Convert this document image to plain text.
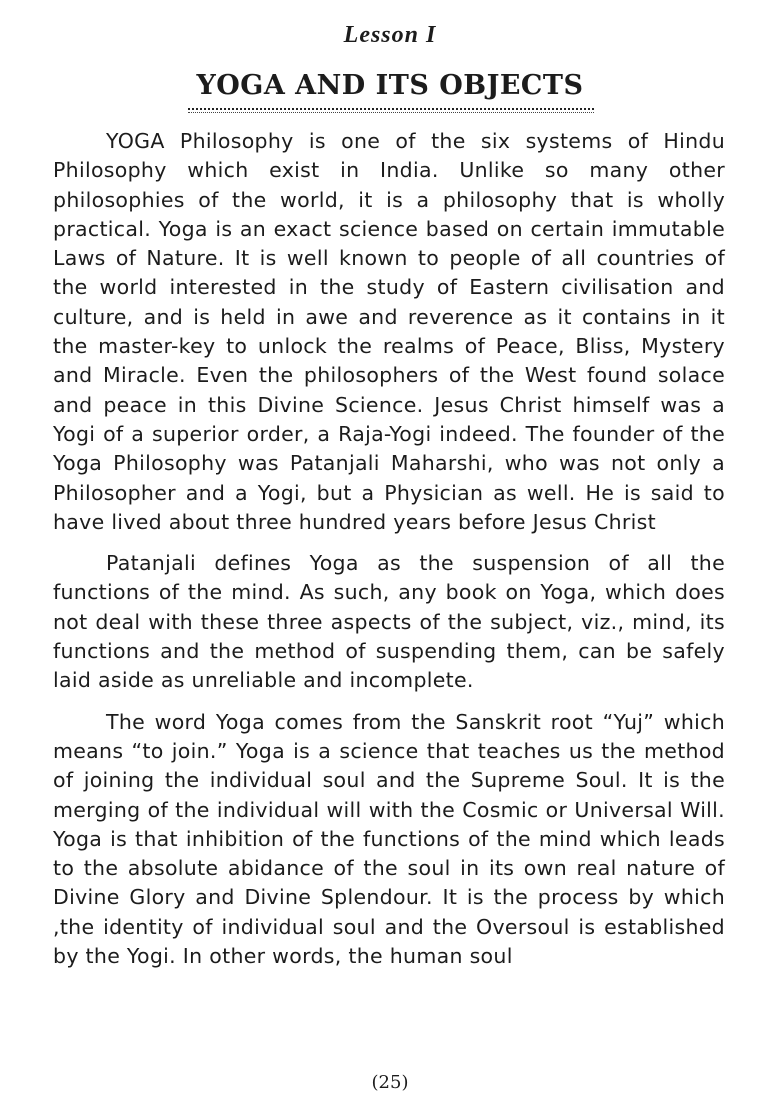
Lesson I
YOGA AND ITS OBJECTS

YOGA Philosophy is one of the six systems of Hindu Philosophy which exist in India. Unlike so many other philosophies of the world, it is a philosophy that is wholly practical. Yoga is an exact science based on certain immutable Laws of Nature. It is well known to people of all countries of the world interested in the study of Eastern civilisation and culture, and is held in awe and reverence as it contains in it the master-key to unlock the realms of Peace, Bliss, Mystery and Miracle. Even the philosophers of the West found solace and peace in this Divine Science. Jesus Christ himself was a Yogi of a superior order, a Raja-Yogi indeed. The founder of the Yoga Philosophy was Patanjali Maharshi, who was not only a Philosopher and a Yogi, but a Physician as well. He is said to have lived about three hundred years before Jesus Christ

Patanjali defines Yoga as the suspension of all the functions of the mind. As such, any book on Yoga, which does not deal with these three aspects of the subject, viz., mind, its functions and the method of suspending them, can be safely laid aside as unreliable and incomplete.

The word Yoga comes from the Sanskrit root “Yuj” which means “to join.” Yoga is a science that teaches us the method of joining the individual soul and the Supreme Soul. It is the merging of the individual will with the Cosmic or Universal Will. Yoga is that inhibition of the functions of the mind which leads to the absolute abidance of the soul in its own real nature of Divine Glory and Divine Splendour. It is the process by which ,the identity of individual soul and the Oversoul is established by the Yogi. In other words, the human soul

(25)
